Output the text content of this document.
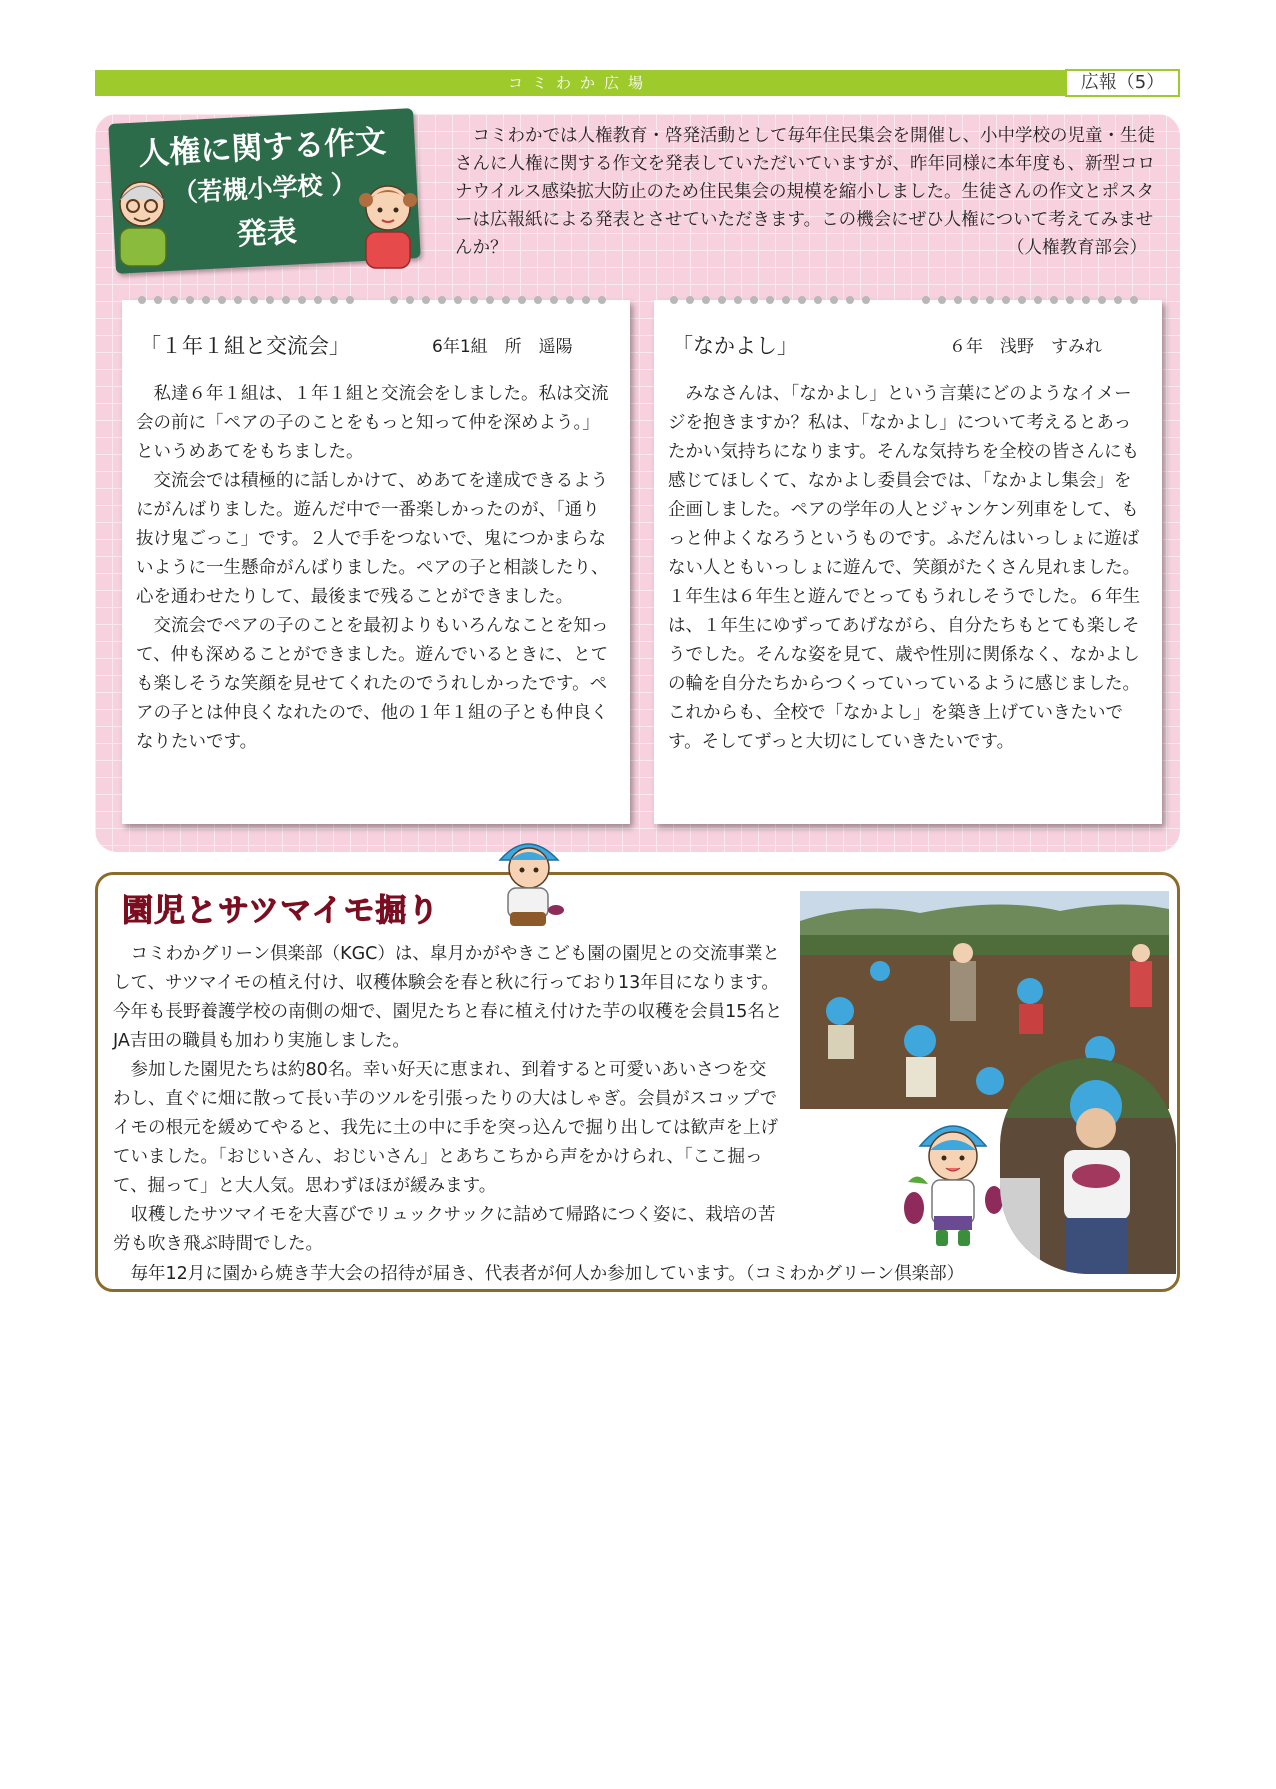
コミわか広場	広報（5）
人権に関する作文
（若槻小学校 ）
発表
コミわかでは人権教育・啓発活動として毎年住民集会を開催し、小中学校の児童・生徒さんに人権に関する作文を発表していただいていますが、昨年同様に本年度も、新型コロナウイルス感染拡大防止のため住民集会の規模を縮小しました。生徒さんの作文とポスターは広報紙による発表とさせていただきます。この機会にぜひ人権について考えてみませんか？	（人権教育部会）
「１年１組と交流会」	6年1組　所　遥陽

私達６年１組は、１年１組と交流会をしました。私は交流会の前に「ペアの子のことをもっと知って仲を深めよう。」というめあてをもちました。

交流会では積極的に話しかけて、めあてを達成できるようにがんばりました。遊んだ中で一番楽しかったのが、「通り抜け鬼ごっこ」です。２人で手をつないで、鬼につかまらないように一生懸命がんばりました。ペアの子と相談したり、心を通わせたりして、最後まで残ることができました。

交流会でペアの子のことを最初よりもいろんなことを知って、仲も深めることができました。遊んでいるときに、とても楽しそうな笑顔を見せてくれたのでうれしかったです。ペアの子とは仲良くなれたので、他の１年１組の子とも仲良くなりたいです。

「なかよし」	６年　浅野　すみれ

みなさんは、「なかよし」という言葉にどのようなイメージを抱きますか？私は、「なかよし」について考えるとあったかい気持ちになります。そんな気持ちを全校の皆さんにも感じてほしくて、なかよし委員会では、「なかよし集会」を企画しました。ペアの学年の人とジャンケン列車をして、もっと仲よくなろうというものです。ふだんはいっしょに遊ばない人ともいっしょに遊んで、笑顔がたくさん見れました。１年生は６年生と遊んでとってもうれしそうでした。６年生は、１年生にゆずってあげながら、自分たちもとても楽しそうでした。そんな姿を見て、歳や性別に関係なく、なかよしの輪を自分たちからつくっていっているように感じました。これからも、全校で「なかよし」を築き上げていきたいです。そしてずっと大切にしていきたいです。

園児とサツマイモ掘り

コミわかグリーン倶楽部（KGC）は、皐月かがやきこども園の園児との交流事業として、サツマイモの植え付け、収穫体験会を春と秋に行っており13年目になります。今年も長野養護学校の南側の畑で、園児たちと春に植え付けた芋の収穫を会員15名とJA吉田の職員も加わり実施しました。

参加した園児たちは約80名。幸い好天に恵まれ、到着すると可愛いあいさつを交わし、直ぐに畑に散って長い芋のツルを引張ったりの大はしゃぎ。会員がスコップでイモの根元を緩めてやると、我先に土の中に手を突っ込んで掘り出しては歓声を上げていました。「おじいさん、おじいさん」とあちこちから声をかけられ、「ここ掘って、掘って」と大人気。思わずほほが緩みます。

収穫したサツマイモを大喜びでリュックサックに詰めて帰路につく姿に、栽培の苦労も吹き飛ぶ時間でした。

毎年12月に園から焼き芋大会の招待が届き、代表者が何人か参加しています。（コミわかグリーン倶楽部）
